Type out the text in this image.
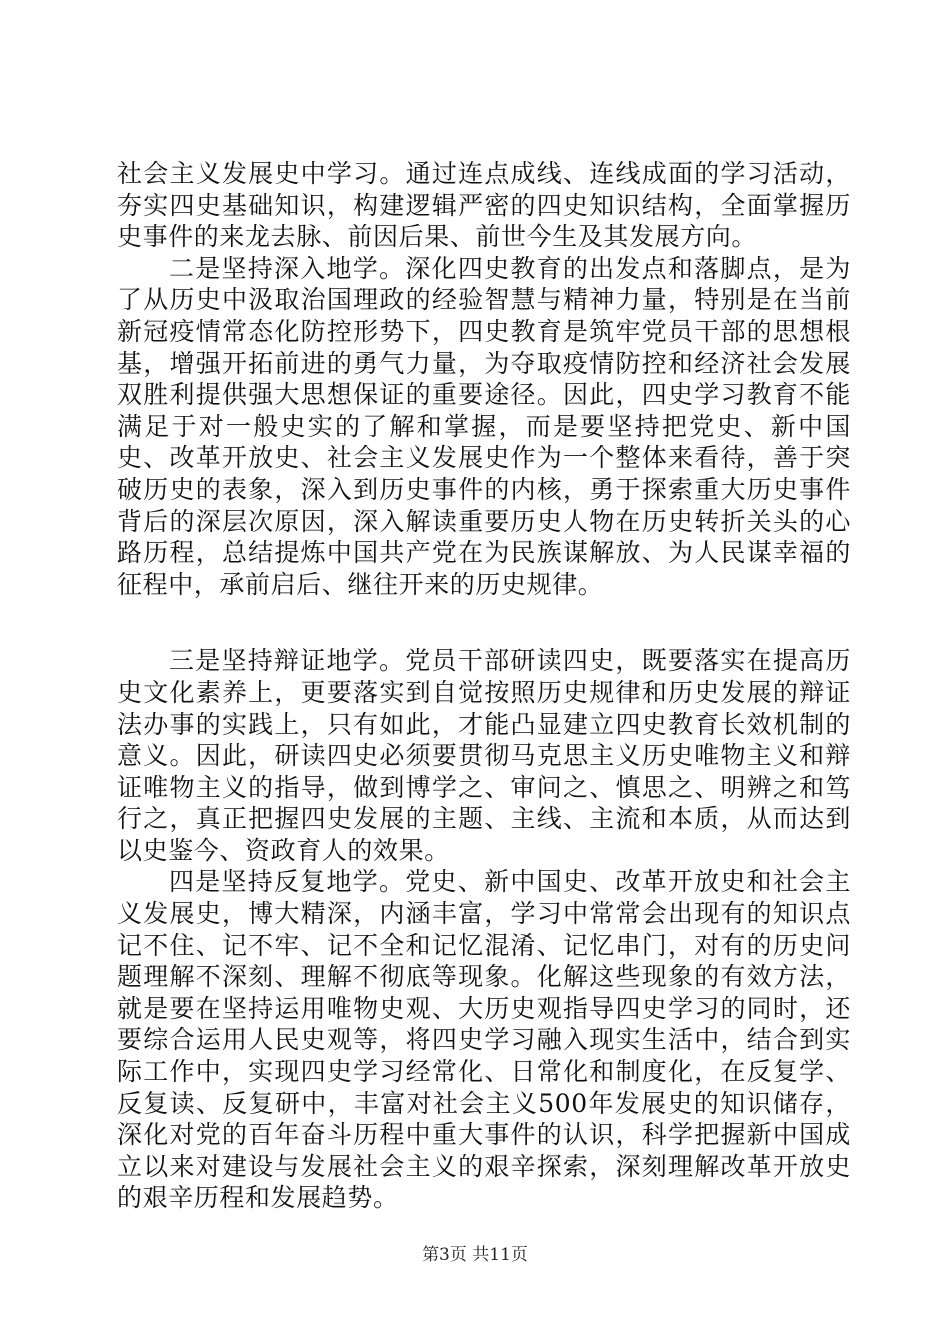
社会主义发展史中学习。通过连点成线、连线成面的学习活动，夯实四史基础知识，构建逻辑严密的四史知识结构，全面掌握历史事件的来龙去脉、前因后果、前世今生及其发展方向。

二是坚持深入地学。深化四史教育的出发点和落脚点，是为了从历史中汲取治国理政的经验智慧与精神力量，特别是在当前新冠疫情常态化防控形势下，四史教育是筑牢党员干部的思想根基，增强开拓前进的勇气力量，为夺取疫情防控和经济社会发展双胜利提供强大思想保证的重要途径。因此，四史学习教育不能满足于对一般史实的了解和掌握，而是要坚持把党史、新中国史、改革开放史、社会主义发展史作为一个整体来看待，善于突破历史的表象，深入到历史事件的内核，勇于探索重大历史事件背后的深层次原因，深入解读重要历史人物在历史转折关头的心路历程，总结提炼中国共产党在为民族谋解放、为人民谋幸福的征程中，承前启后、继往开来的历史规律。

三是坚持辩证地学。党员干部研读四史，既要落实在提高历史文化素养上，更要落实到自觉按照历史规律和历史发展的辩证法办事的实践上，只有如此，才能凸显建立四史教育长效机制的意义。因此，研读四史必须要贯彻马克思主义历史唯物主义和辩证唯物主义的指导，做到博学之、审问之、慎思之、明辨之和笃行之，真正把握四史发展的主题、主线、主流和本质，从而达到以史鉴今、资政育人的效果。

四是坚持反复地学。党史、新中国史、改革开放史和社会主义发展史，博大精深，内涵丰富，学习中常常会出现有的知识点记不住、记不牢、记不全和记忆混淆、记忆串门，对有的历史问题理解不深刻、理解不彻底等现象。化解这些现象的有效方法，就是要在坚持运用唯物史观、大历史观指导四史学习的同时，还要综合运用人民史观等，将四史学习融入现实生活中，结合到实际工作中，实现四史学习经常化、日常化和制度化，在反复学、反复读、反复研中，丰富对社会主义500年发展史的知识储存，深化对党的百年奋斗历程中重大事件的认识，科学把握新中国成立以来对建设与发展社会主义的艰辛探索，深刻理解改革开放史的艰辛历程和发展趋势。

第3页 共11页
